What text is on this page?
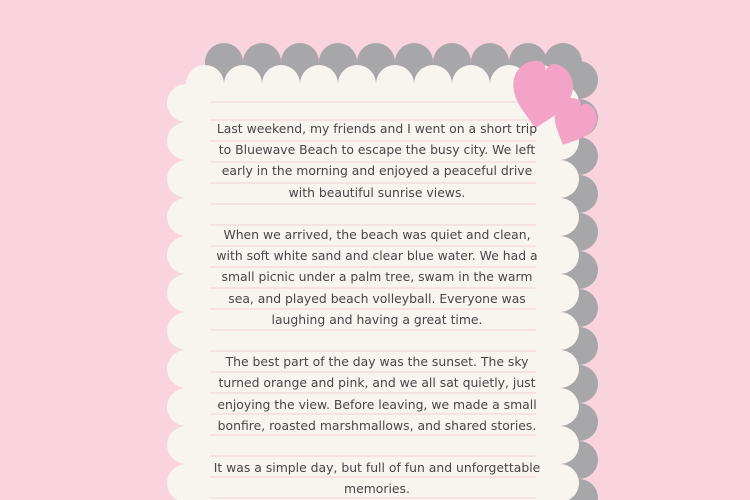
Last weekend, my friends and I went on a short trip to Bluewave Beach to escape the busy city. We left early in the morning and enjoyed a peaceful drive with beautiful sunrise views.

When we arrived, the beach was quiet and clean, with soft white sand and clear blue water. We had a small picnic under a palm tree, swam in the warm sea, and played beach volleyball. Everyone was laughing and having a great time.

The best part of the day was the sunset. The sky turned orange and pink, and we all sat quietly, just enjoying the view. Before leaving, we made a small bonfire, roasted marshmallows, and shared stories.

It was a simple day, but full of fun and unforgettable memories.
